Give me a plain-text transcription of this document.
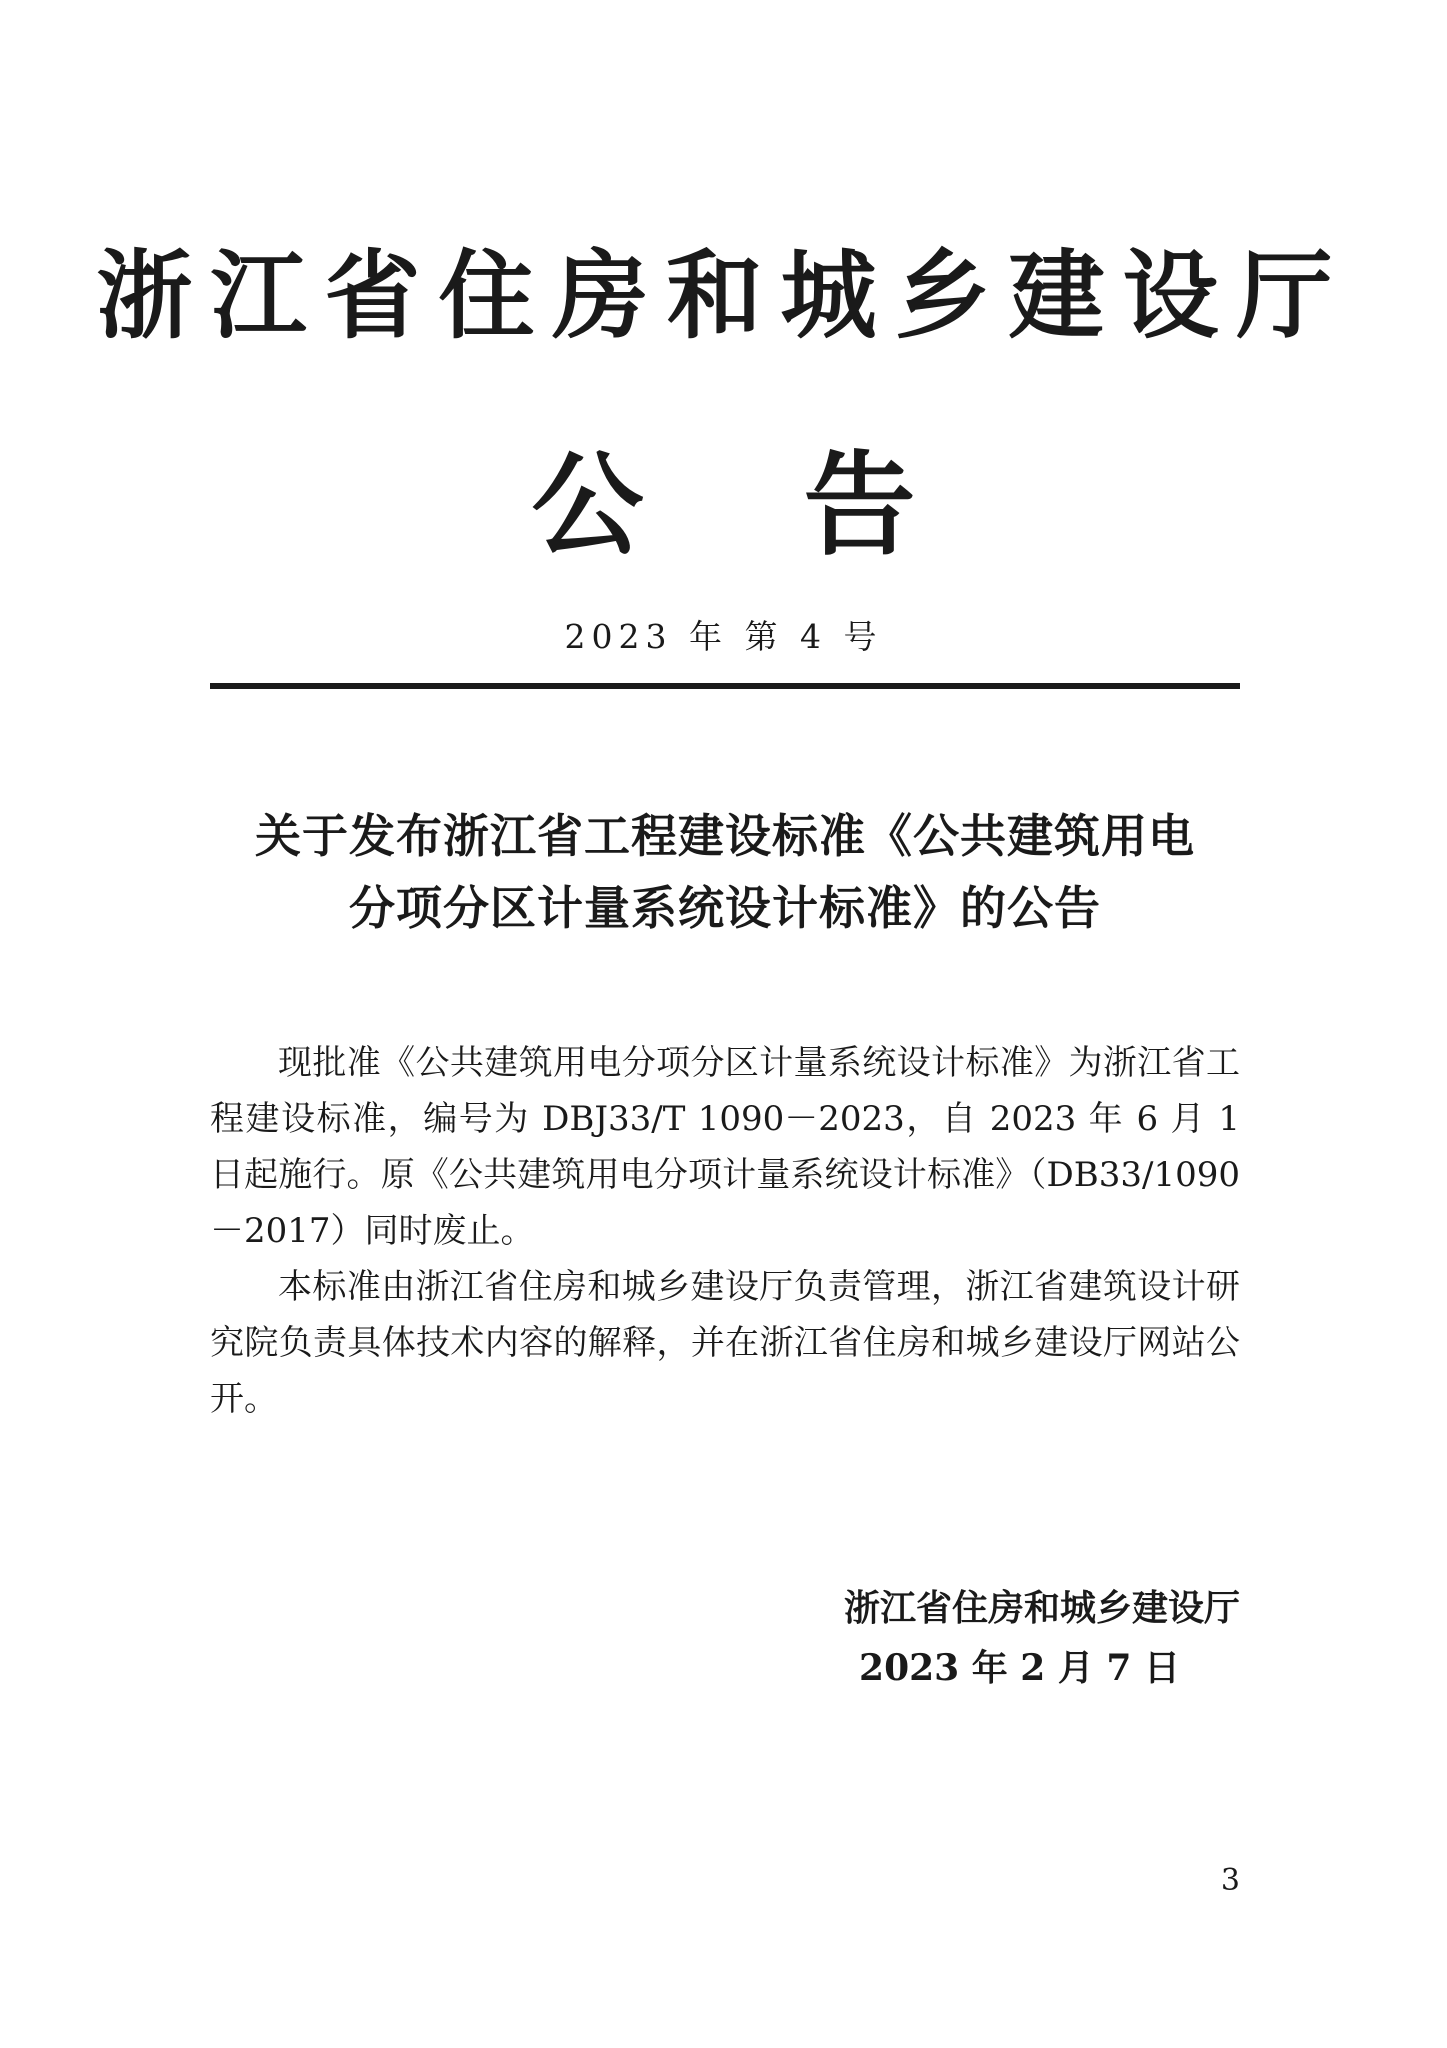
浙江省住房和城乡建设厅
公告
2023 年 第 4 号
关于发布浙江省工程建设标准《公共建筑用电
分项分区计量系统设计标准》的公告

现批准《公共建筑用电分项分区计量系统设计标准》为浙江省工程建设标准，编号为 DBJ33/T 1090－2023，自 2023 年 6 月 1 日起施行。原《公共建筑用电分项计量系统设计标准》（DB33/1090－2017）同时废止。

本标准由浙江省住房和城乡建设厅负责管理，浙江省建筑设计研究院负责具体技术内容的解释，并在浙江省住房和城乡建设厅网站公开。

浙江省住房和城乡建设厅
2023 年 2 月 7 日
3
